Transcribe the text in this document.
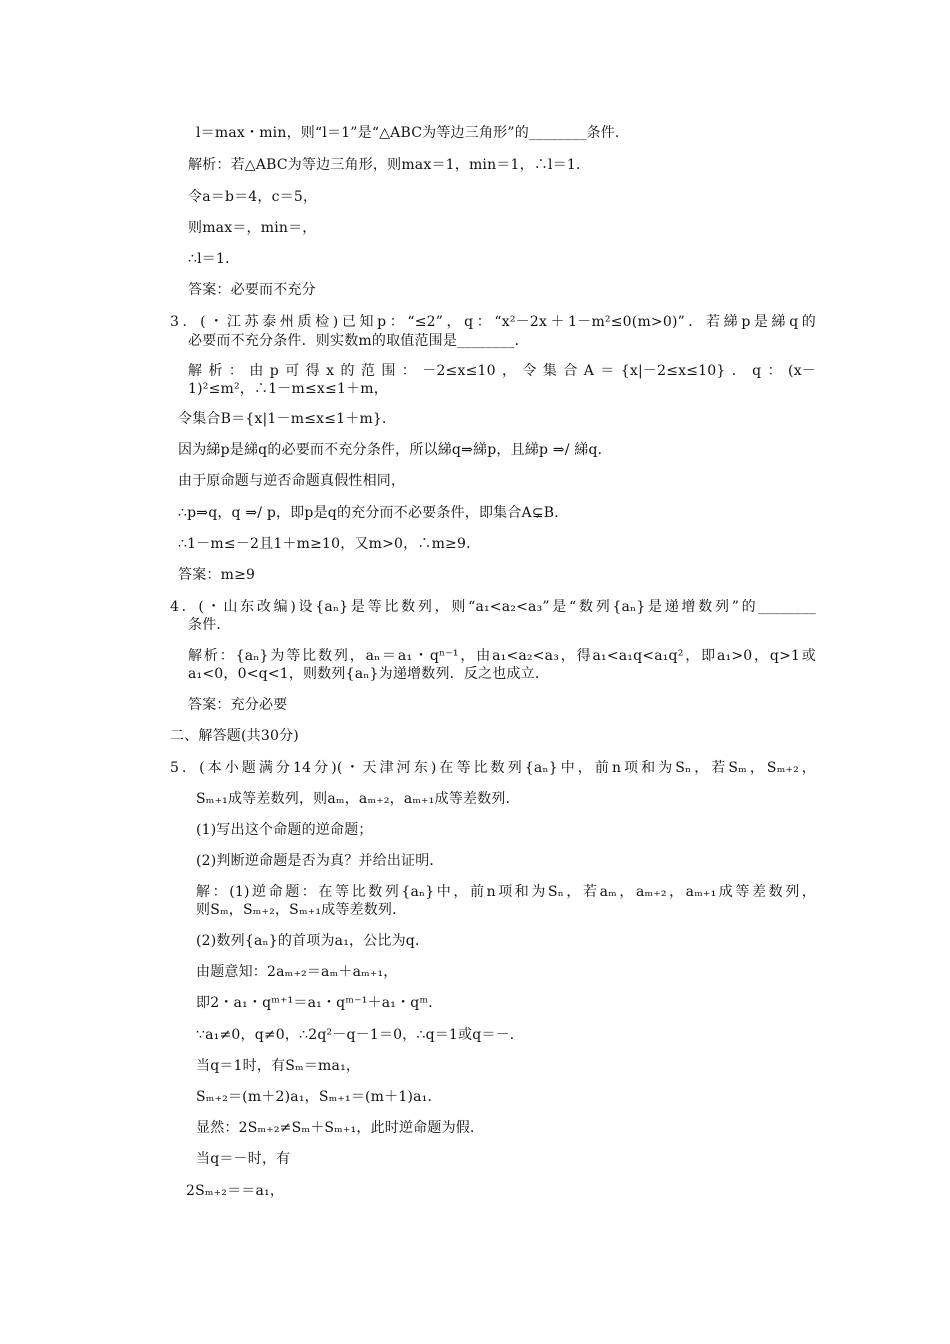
l＝max・min，则“l＝1”是“△ABC为等边三角形”的________条件．
解析：若△ABC为等边三角形，则max＝1，min＝1，∴l＝1．
令a＝b＝4，c＝5，
则max＝，min＝，
∴l＝1．
答案：必要而不充分
3．(・江苏泰州质检)已知p：“≤2”，q：“x²－2x＋1－m²≤0(m>0)”．若綈p是綈q的
必要而不充分条件．则实数m的取值范围是________．
解析：由p可得x的范围：－2≤x≤10，令集合A＝{x|－2≤x≤10}．q：(x－
1)²≤m²，∴1－m≤x≤1＋m，
令集合B＝{x|1－m≤x≤1＋m}．
因为綈p是綈q的必要而不充分条件，所以綈q⇒綈p，且綈p ⇒/ 綈q．
由于原命题与逆否命题真假性相同，
∴p⇒q，q ⇒/ p，即p是q的充分而不必要条件，即集合A⊊B．
∴1－m≤－2且1＋m≥10，又m>0，∴m≥9．
答案：m≥9
4．(・山东改编)设{aₙ}是等比数列，则“a₁<a₂<a₃”是“数列{aₙ}是递增数列”的________
条件．
解析：{aₙ}为等比数列，aₙ＝a₁・qⁿ⁻¹，由a₁<a₂<a₃，得a₁<a₁q<a₁q²，即a₁>0，q>1或
a₁<0，0<q<1，则数列{aₙ}为递增数列．反之也成立．
答案：充分必要
二、解答题(共30分)
5．(本小题满分14分)(・天津河东)在等比数列{aₙ}中，前n项和为Sₙ，若Sₘ，Sₘ₊₂，
Sₘ₊₁成等差数列，则aₘ，aₘ₊₂，aₘ₊₁成等差数列．
(1)写出这个命题的逆命题；
(2)判断逆命题是否为真？并给出证明．
解：(1)逆命题：在等比数列{aₙ}中，前n项和为Sₙ，若aₘ，aₘ₊₂，aₘ₊₁成等差数列，
则Sₘ，Sₘ₊₂，Sₘ₊₁成等差数列．
(2)数列{aₙ}的首项为a₁，公比为q．
由题意知：2aₘ₊₂＝aₘ＋aₘ₊₁，
即2・a₁・qᵐ⁺¹＝a₁・qᵐ⁻¹＋a₁・qᵐ．
∵a₁≠0，q≠0，∴2q²－q－1＝0，∴q＝1或q＝－．
当q＝1时，有Sₘ＝ma₁，
Sₘ₊₂＝(m＋2)a₁，Sₘ₊₁＝(m＋1)a₁．
显然：2Sₘ₊₂≠Sₘ＋Sₘ₊₁，此时逆命题为假．
当q＝－时，有
2Sₘ₊₂＝＝a₁，
